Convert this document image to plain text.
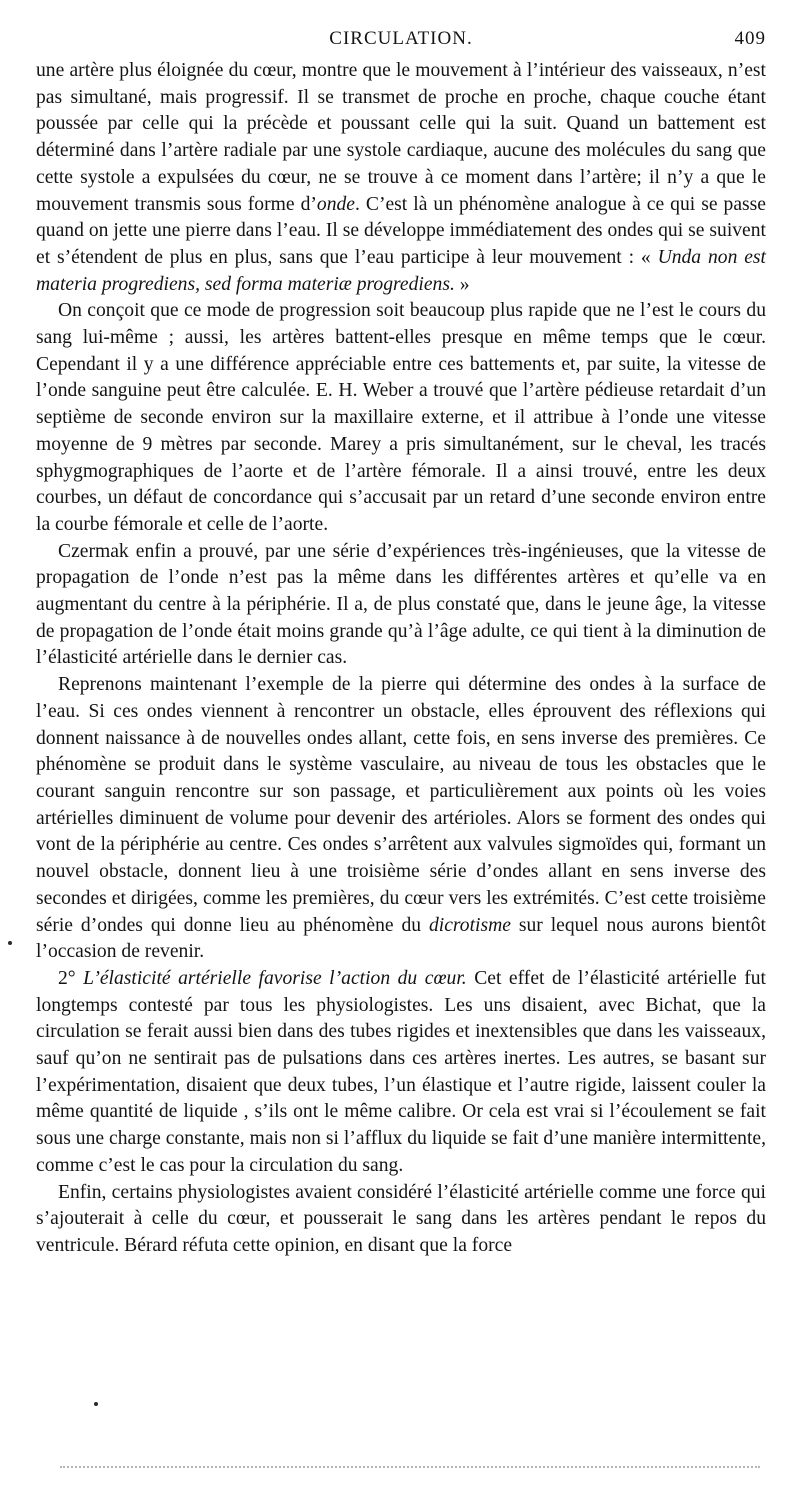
CIRCULATION.	409

une artère plus éloignée du cœur, montre que le mouvement à l’intérieur des vaisseaux, n’est pas simultané, mais progressif. Il se transmet de proche en proche, chaque couche étant poussée par celle qui la précède et poussant celle qui la suit. Quand un battement est déterminé dans l’artère radiale par une systole cardiaque, aucune des molécules du sang que cette systole a expulsées du cœur, ne se trouve à ce moment dans l’artère; il n’y a que le mouvement transmis sous forme d’onde. C’est là un phénomène analogue à ce qui se passe quand on jette une pierre dans l’eau. Il se développe immédiatement des ondes qui se suivent et s’étendent de plus en plus, sans que l’eau participe à leur mouvement : « Unda non est materia progrediens, sed forma materiæ progrediens. »

On conçoit que ce mode de progression soit beaucoup plus rapide que ne l’est le cours du sang lui-même ; aussi, les artères battent-elles presque en même temps que le cœur. Cependant il y a une différence appréciable entre ces battements et, par suite, la vitesse de l’onde sanguine peut être calculée. E. H. Weber a trouvé que l’artère pédieuse retardait d’un septième de seconde environ sur la maxillaire externe, et il attribue à l’onde une vitesse moyenne de 9 mètres par seconde. Marey a pris simultanément, sur le cheval, les tracés sphygmographiques de l’aorte et de l’artère fémorale. Il a ainsi trouvé, entre les deux courbes, un défaut de concordance qui s’accusait par un retard d’une seconde environ entre la courbe fémorale et celle de l’aorte.

Czermak enfin a prouvé, par une série d’expériences très-ingénieuses, que la vitesse de propagation de l’onde n’est pas la même dans les différentes artères et qu’elle va en augmentant du centre à la périphérie. Il a, de plus constaté que, dans le jeune âge, la vitesse de propagation de l’onde était moins grande qu’à l’âge adulte, ce qui tient à la diminution de l’élasticité artérielle dans le dernier cas.

Reprenons maintenant l’exemple de la pierre qui détermine des ondes à la surface de l’eau. Si ces ondes viennent à rencontrer un obstacle, elles éprouvent des réflexions qui donnent naissance à de nouvelles ondes allant, cette fois, en sens inverse des premières. Ce phénomène se produit dans le système vasculaire, au niveau de tous les obstacles que le courant sanguin rencontre sur son passage, et particulièrement aux points où les voies artérielles diminuent de volume pour devenir des artérioles. Alors se forment des ondes qui vont de la périphérie au centre. Ces ondes s’arrêtent aux valvules sigmoïdes qui, formant un nouvel obstacle, donnent lieu à une troisième série d’ondes allant en sens inverse des secondes et dirigées, comme les premières, du cœur vers les extrémités. C’est cette troisième série d’ondes qui donne lieu au phénomène du dicrotisme sur lequel nous aurons bientôt l’occasion de revenir.

2° L’élasticité artérielle favorise l’action du cœur. Cet effet de l’élasticité artérielle fut longtemps contesté par tous les physiologistes. Les uns disaient, avec Bichat, que la circulation se ferait aussi bien dans des tubes rigides et inextensibles que dans les vaisseaux, sauf qu’on ne sentirait pas de pulsations dans ces artères inertes. Les autres, se basant sur l’expérimentation, disaient que deux tubes, l’un élastique et l’autre rigide, laissent couler la même quantité de liquide , s’ils ont le même calibre. Or cela est vrai si l’écoulement se fait sous une charge constante, mais non si l’afflux du liquide se fait d’une manière intermittente, comme c’est le cas pour la circulation du sang.

Enfin, certains physiologistes avaient considéré l’élasticité artérielle comme une force qui s’ajouterait à celle du cœur, et pousserait le sang dans les artères pendant le repos du ventricule. Bérard réfuta cette opinion, en disant que la force
